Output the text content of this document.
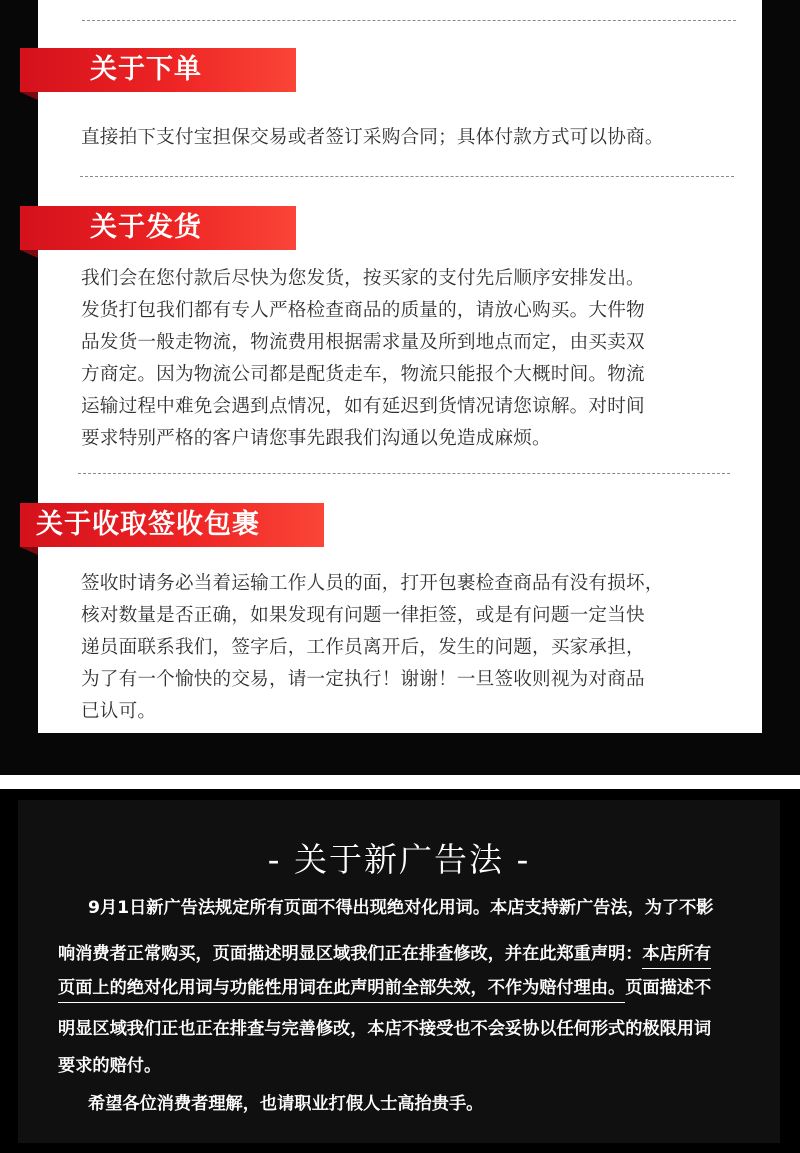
关于下单
直接拍下支付宝担保交易或者签订采购合同；具体付款方式可以协商。
关于发货
我们会在您付款后尽快为您发货，按买家的支付先后顺序安排发出。
发货打包我们都有专人严格检查商品的质量的，请放心购买。大件物
品发货一般走物流，物流费用根据需求量及所到地点而定，由买卖双
方商定。因为物流公司都是配货走车，物流只能报个大概时间。物流
运输过程中难免会遇到点情况，如有延迟到货情况请您谅解。对时间
要求特别严格的客户请您事先跟我们沟通以免造成麻烦。
关于收取签收包裹
签收时请务必当着运输工作人员的面，打开包裹检查商品有没有损坏，
核对数量是否正确，如果发现有问题一律拒签，或是有问题一定当快
递员面联系我们，签字后，工作员离开后，发生的问题，买家承担，
为了有一个愉快的交易，请一定执行！谢谢！一旦签收则视为对商品
已认可。
- 关于新广告法 -

9月1日新广告法规定所有页面不得出现绝对化用词。本店支持新广告法，为了不影

响消费者正常购买，页面描述明显区域我们正在排查修改，并在此郑重声明：本店所有

页面上的绝对化用词与功能性用词在此声明前全部失效，不作为赔付理由。页面描述不

明显区域我们正也正在排查与完善修改，本店不接受也不会妥协以任何形式的极限用词

要求的赔付。

希望各位消费者理解，也请职业打假人士高抬贵手。
